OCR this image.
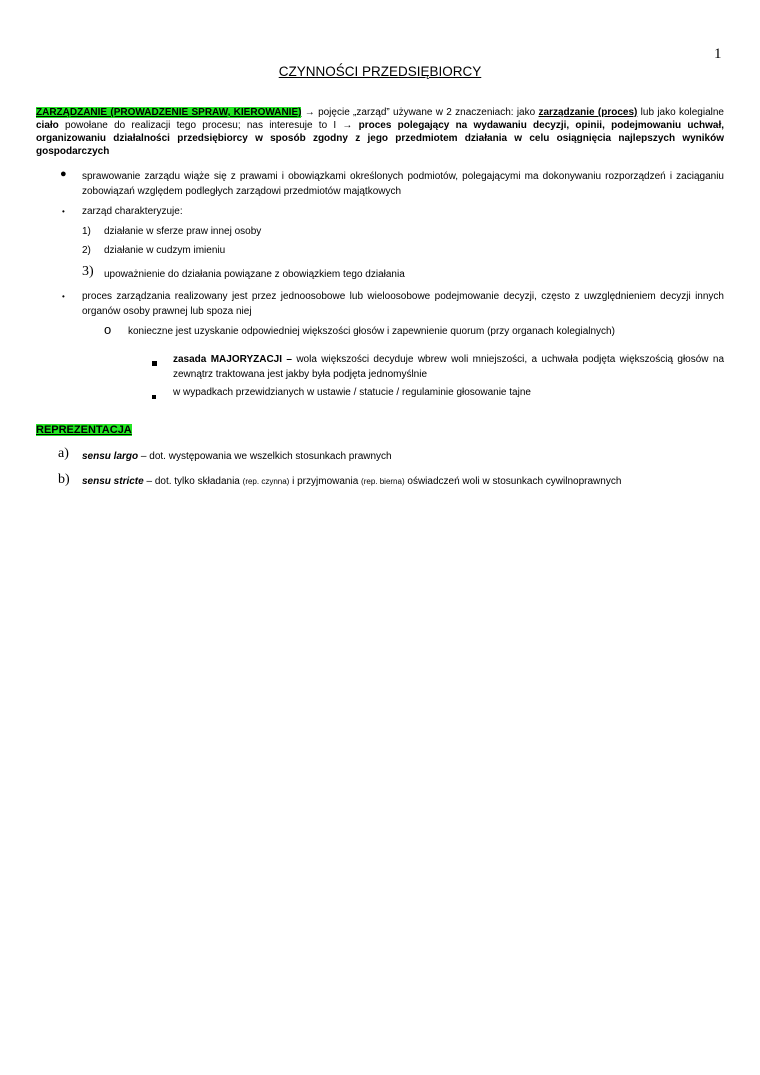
1
CZYNNOŚCI PRZEDSIĘBIORCY
ZARZĄDZANIE (PROWADZENIE SPRAW, KIEROWANIE) → pojęcie „zarząd” używane w 2 znaczeniach: jako zarządzanie (proces) lub jako kolegialne ciało powołane do realizacji tego procesu; nas interesuje to I → proces polegający na wydawaniu decyzji, opinii, podejmowaniu uchwał, organizowaniu działalności przedsiębiorcy w sposób zgodny z jego przedmiotem działania w celu osiągnięcia najlepszych wyników gospodarczych
● sprawowanie zarządu wiąże się z prawami i obowiązkami określonych podmiotów, polegającymi ma dokonywaniu rozporządzeń i zaciąganiu zobowiązań względem podległych zarządowi przedmiotów majątkowych
• zarząd charakteryzuje:
1) działanie w sferze praw innej osoby
2) działanie w cudzym imieniu
3) upoważnienie do działania powiązane z obowiązkiem tego działania
• proces zarządzania realizowany jest przez jednoosobowe lub wieloosobowe podejmowanie decyzji, często z uwzględnieniem decyzji innych organów osoby prawnej lub spoza niej
o konieczne jest uzyskanie odpowiedniej większości głosów i zapewnienie quorum (przy organach kolegialnych)
zasada MAJORYZACJI – wola większości decyduje wbrew woli mniejszości, a uchwała podjęta większością głosów na zewnątrz traktowana jest jakby była podjęta jednomyślnie
w wypadkach przewidzianych w ustawie / statucie / regulaminie głosowanie tajne
REPREZENTACJA
a) sensu largo – dot. występowania we wszelkich stosunkach prawnych
b) sensu stricte – dot. tylko składania (rep. czynna) i przyjmowania (rep. bierna) oświadczeń woli w stosunkach cywilnoprawnych
